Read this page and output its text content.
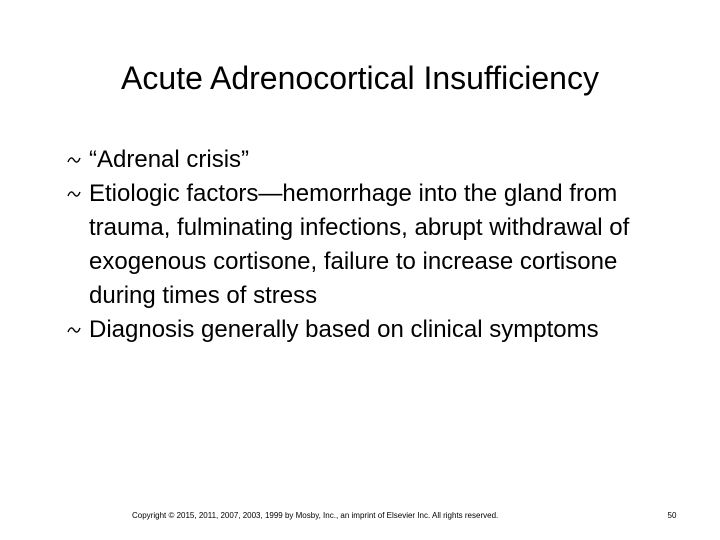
Acute Adrenocortical Insufficiency
“Adrenal crisis”
Etiologic factors—hemorrhage into the gland from trauma, fulminating infections, abrupt withdrawal of exogenous cortisone, failure to increase cortisone during times of stress
Diagnosis generally based on clinical symptoms
Copyright © 2015, 2011, 2007, 2003, 1999 by Mosby, Inc., an imprint of Elsevier Inc. All rights reserved.	50
